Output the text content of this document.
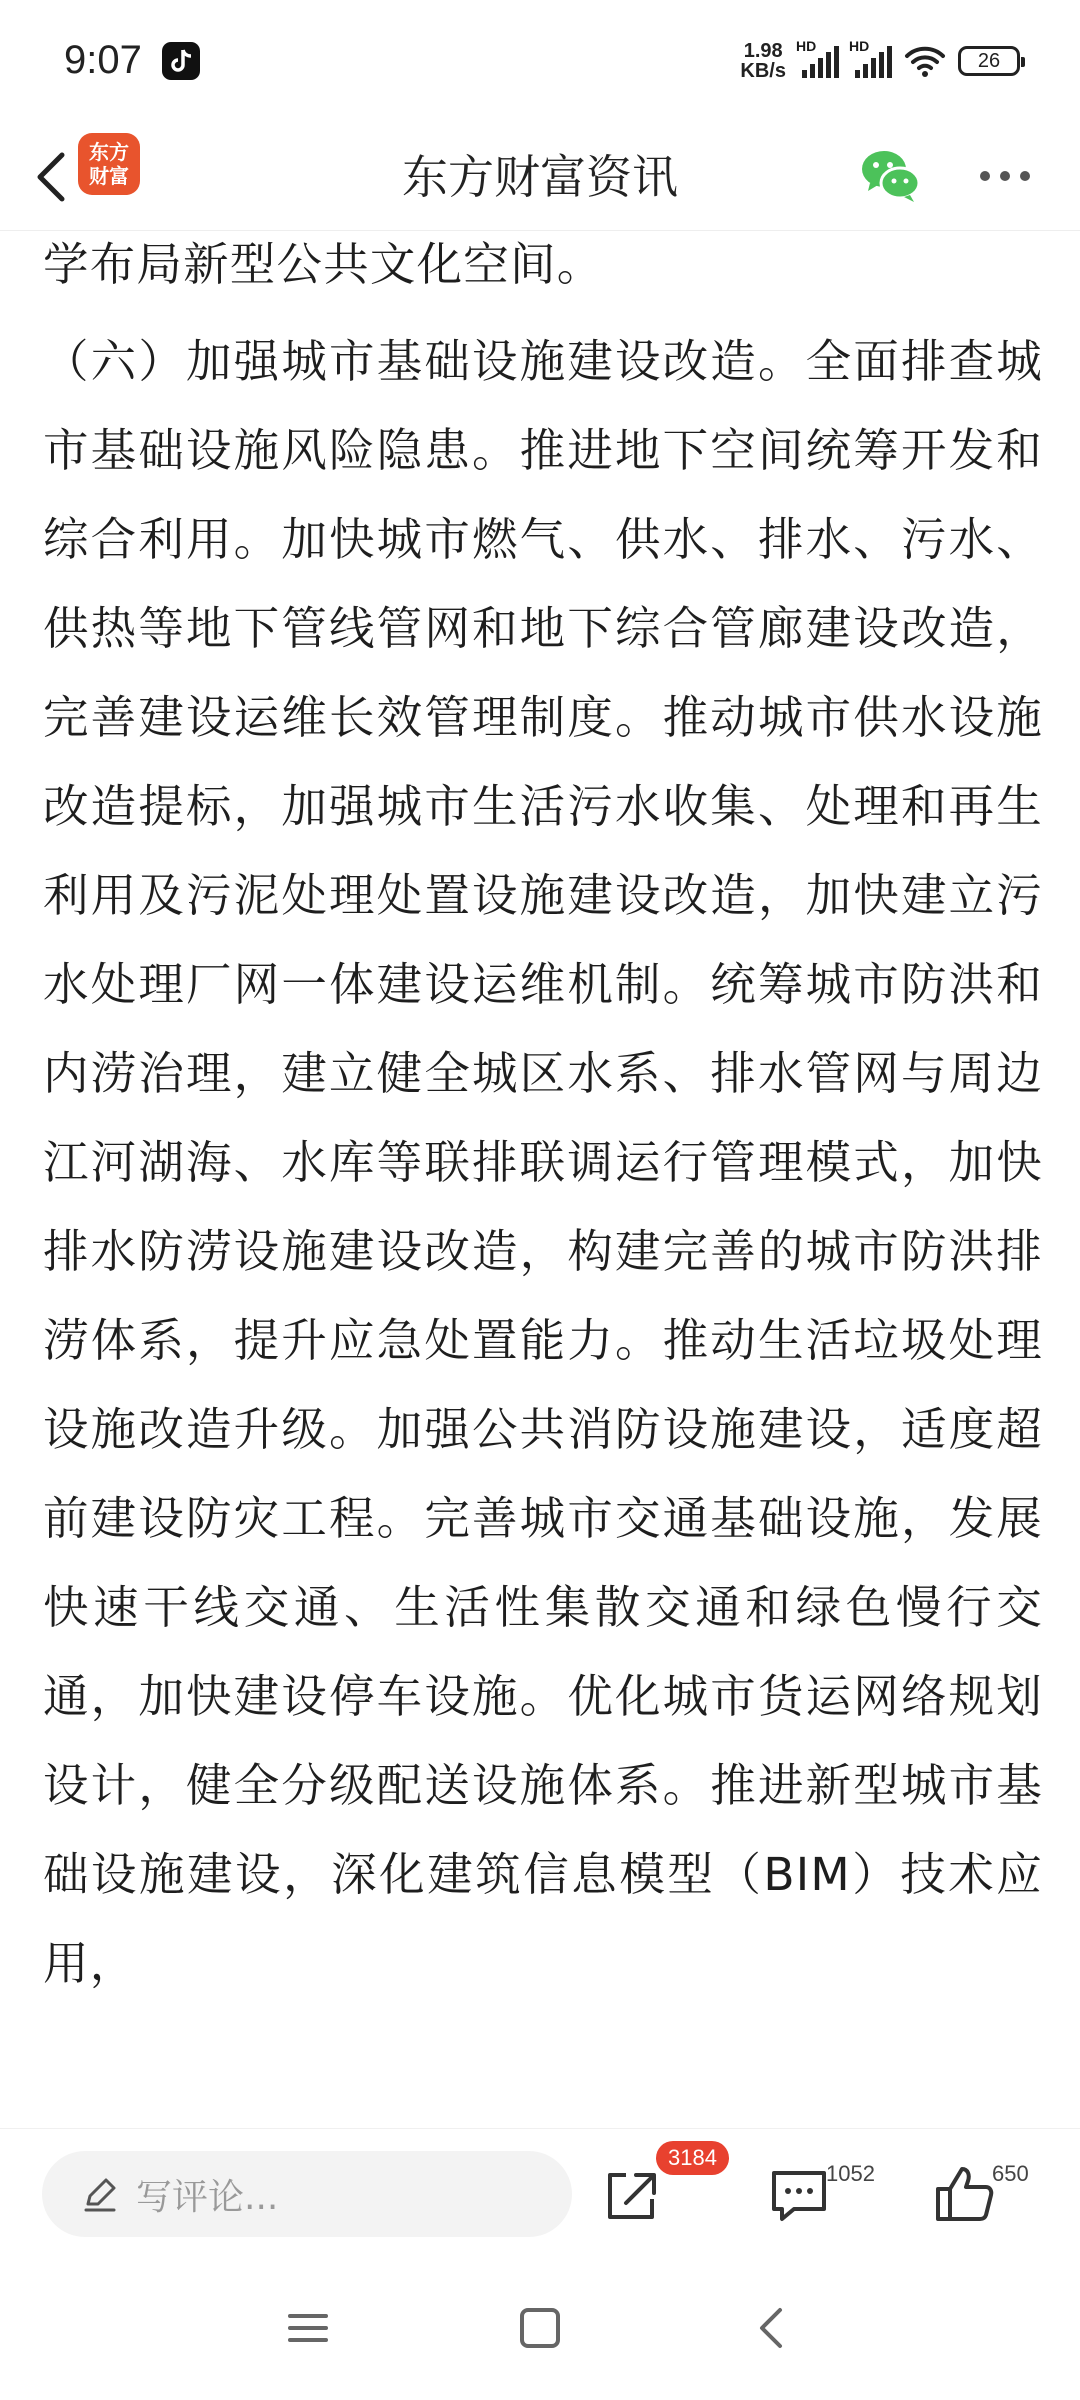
9:07	1.98
KB/s
HD HD
26
东方财富资讯
东方
财富

学布局新型公共文化空间。

（六）加强城市基础设施建设改造。全面排查城市基础设施风险隐患。推进地下空间统筹开发和综合利用。加快城市燃气、供水、排水、污水、供热等地下管线管网和地下综合管廊建设改造，完善建设运维长效管理制度。推动城市供水设施改造提标，加强城市生活污水收集、处理和再生利用及污泥处理处置设施建设改造，加快建立污水处理厂网一体建设运维机制。统筹城市防洪和内涝治理，建立健全城区水系、排水管网与周边江河湖海、水库等联排联调运行管理模式，加快排水防涝设施建设改造，构建完善的城市防洪排涝体系，提升应急处置能力。推动生活垃圾处理设施改造升级。加强公共消防设施建设，适度超前建设防灾工程。完善城市交通基础设施，发展快速干线交通、生活性集散交通和绿色慢行交通，加快建设停车设施。优化城市货运网络规划设计，健全分级配送设施体系。推进新型城市基础设施建设，深化建筑信息模型（BIM）技术应用，

写评论...
3184
1052	650
